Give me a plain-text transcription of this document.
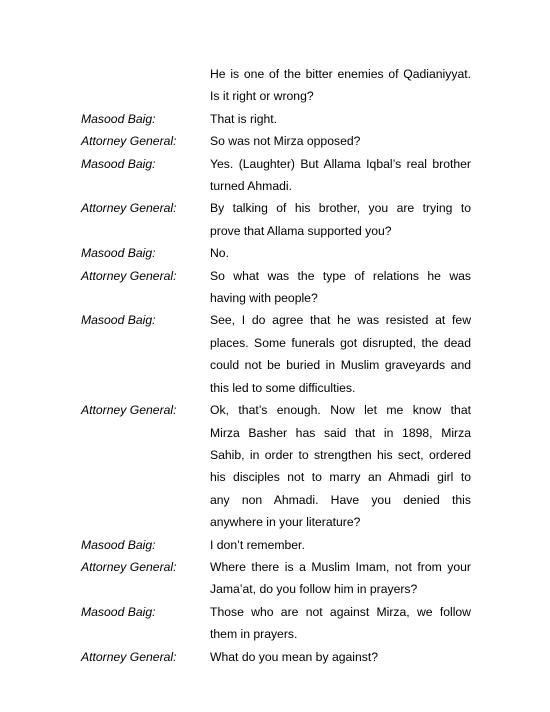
He is one of the bitter enemies of Qadianiyyat.
Is it right or wrong?
Masood Baig:	That is right.
Attorney General:	So was not Mirza opposed?
Masood Baig:	Yes. (Laughter) But Allama Iqbal’s real brother
turned Ahmadi.
Attorney General:	By talking of his brother, you are trying to
prove that Allama supported you?
Masood Baig:	No.
Attorney General:	So what was the type of relations he was
having with people?
Masood Baig:	See, I do agree that he was resisted at few
places. Some funerals got disrupted, the dead
could not be buried in Muslim graveyards and
this led to some difficulties.
Attorney General:	Ok, that’s enough. Now let me know that
Mirza Basher has said that in 1898, Mirza
Sahib, in order to strengthen his sect, ordered
his disciples not to marry an Ahmadi girl to
any non Ahmadi. Have you denied this
anywhere in your literature?
Masood Baig:	I don’t remember.
Attorney General:	Where there is a Muslim Imam, not from your
Jama’at, do you follow him in prayers?
Masood Baig:	Those who are not against Mirza, we follow
them in prayers.
Attorney General:	What do you mean by against?
